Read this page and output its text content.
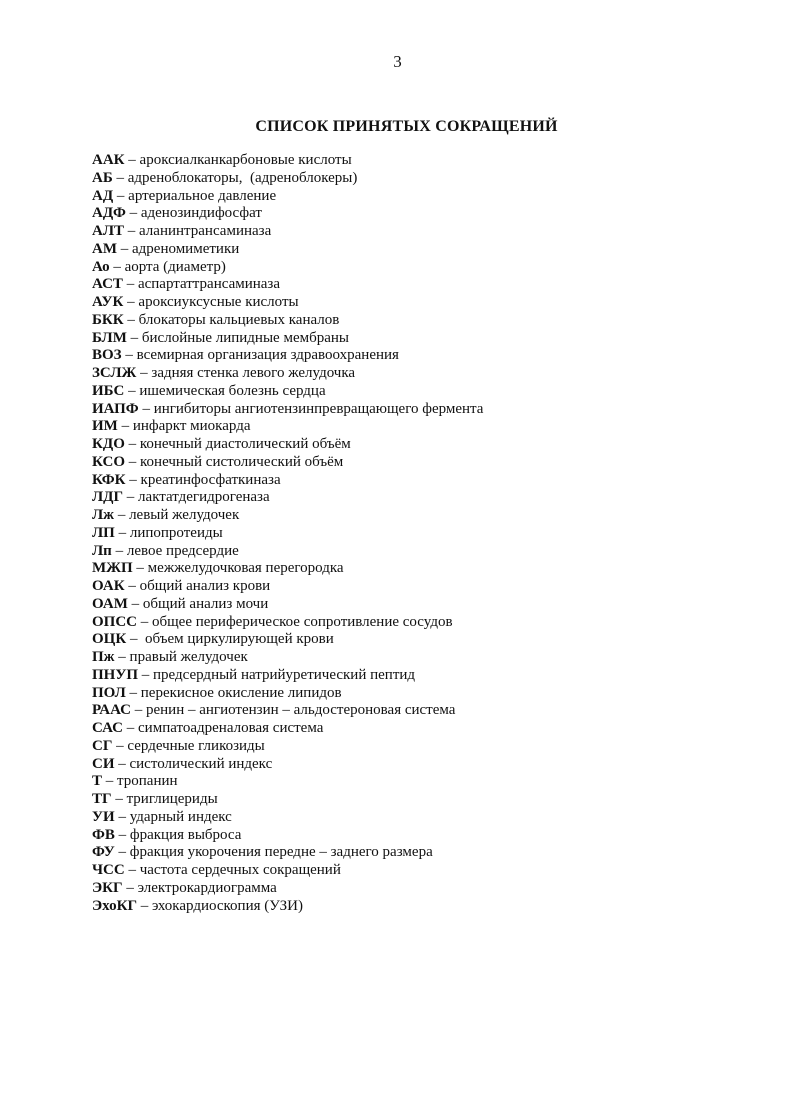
3
СПИСОК ПРИНЯТЫХ СОКРАЩЕНИЙ
ААК – ароксиалканкарбоновые кислоты
АБ – адреноблокаторы,  (адреноблокеры)
АД – артериальное давление
АДФ – аденозиндифосфат
АЛТ – аланинтрансаминаза
АМ – адреномиметики
Ао – аорта (диаметр)
АСТ – аспартаттрансаминаза
АУК – ароксиуксусные кислоты
БКК – блокаторы кальциевых каналов
БЛМ – бислойные липидные мембраны
ВОЗ – всемирная организация здравоохранения
ЗСЛЖ – задняя стенка левого желудочка
ИБС – ишемическая болезнь сердца
ИАПФ – ингибиторы ангиотензинпревращающего фермента
ИМ – инфаркт миокарда
КДО – конечный диастолический объём
КСО – конечный систолический объём
КФК – креатинфосфаткиназа
ЛДГ – лактатдегидрогеназа
Лж – левый желудочек
ЛП – липопротеиды
Лп – левое предсердие
МЖП – межжелудочковая перегородка
ОАК – общий анализ крови
ОАМ – общий анализ мочи
ОПСС – общее периферическое сопротивление сосудов
ОЦК –  объем циркулирующей крови
Пж – правый желудочек
ПНУП – предсердный натрийуретический пептид
ПОЛ – перекисное окисление липидов
РААС – ренин – ангиотензин – альдостероновая система
САС – симпатоадреналовая система
СГ – сердечные гликозиды
СИ – систолический индекс
Т – тропанин
ТГ – триглицериды
УИ – ударный индекс
ФВ – фракция выброса
ФУ – фракция укорочения передне – заднего размера
ЧСС – частота сердечных сокращений
ЭКГ – электрокардиограмма
ЭхоКГ – эхокардиоскопия (УЗИ)
